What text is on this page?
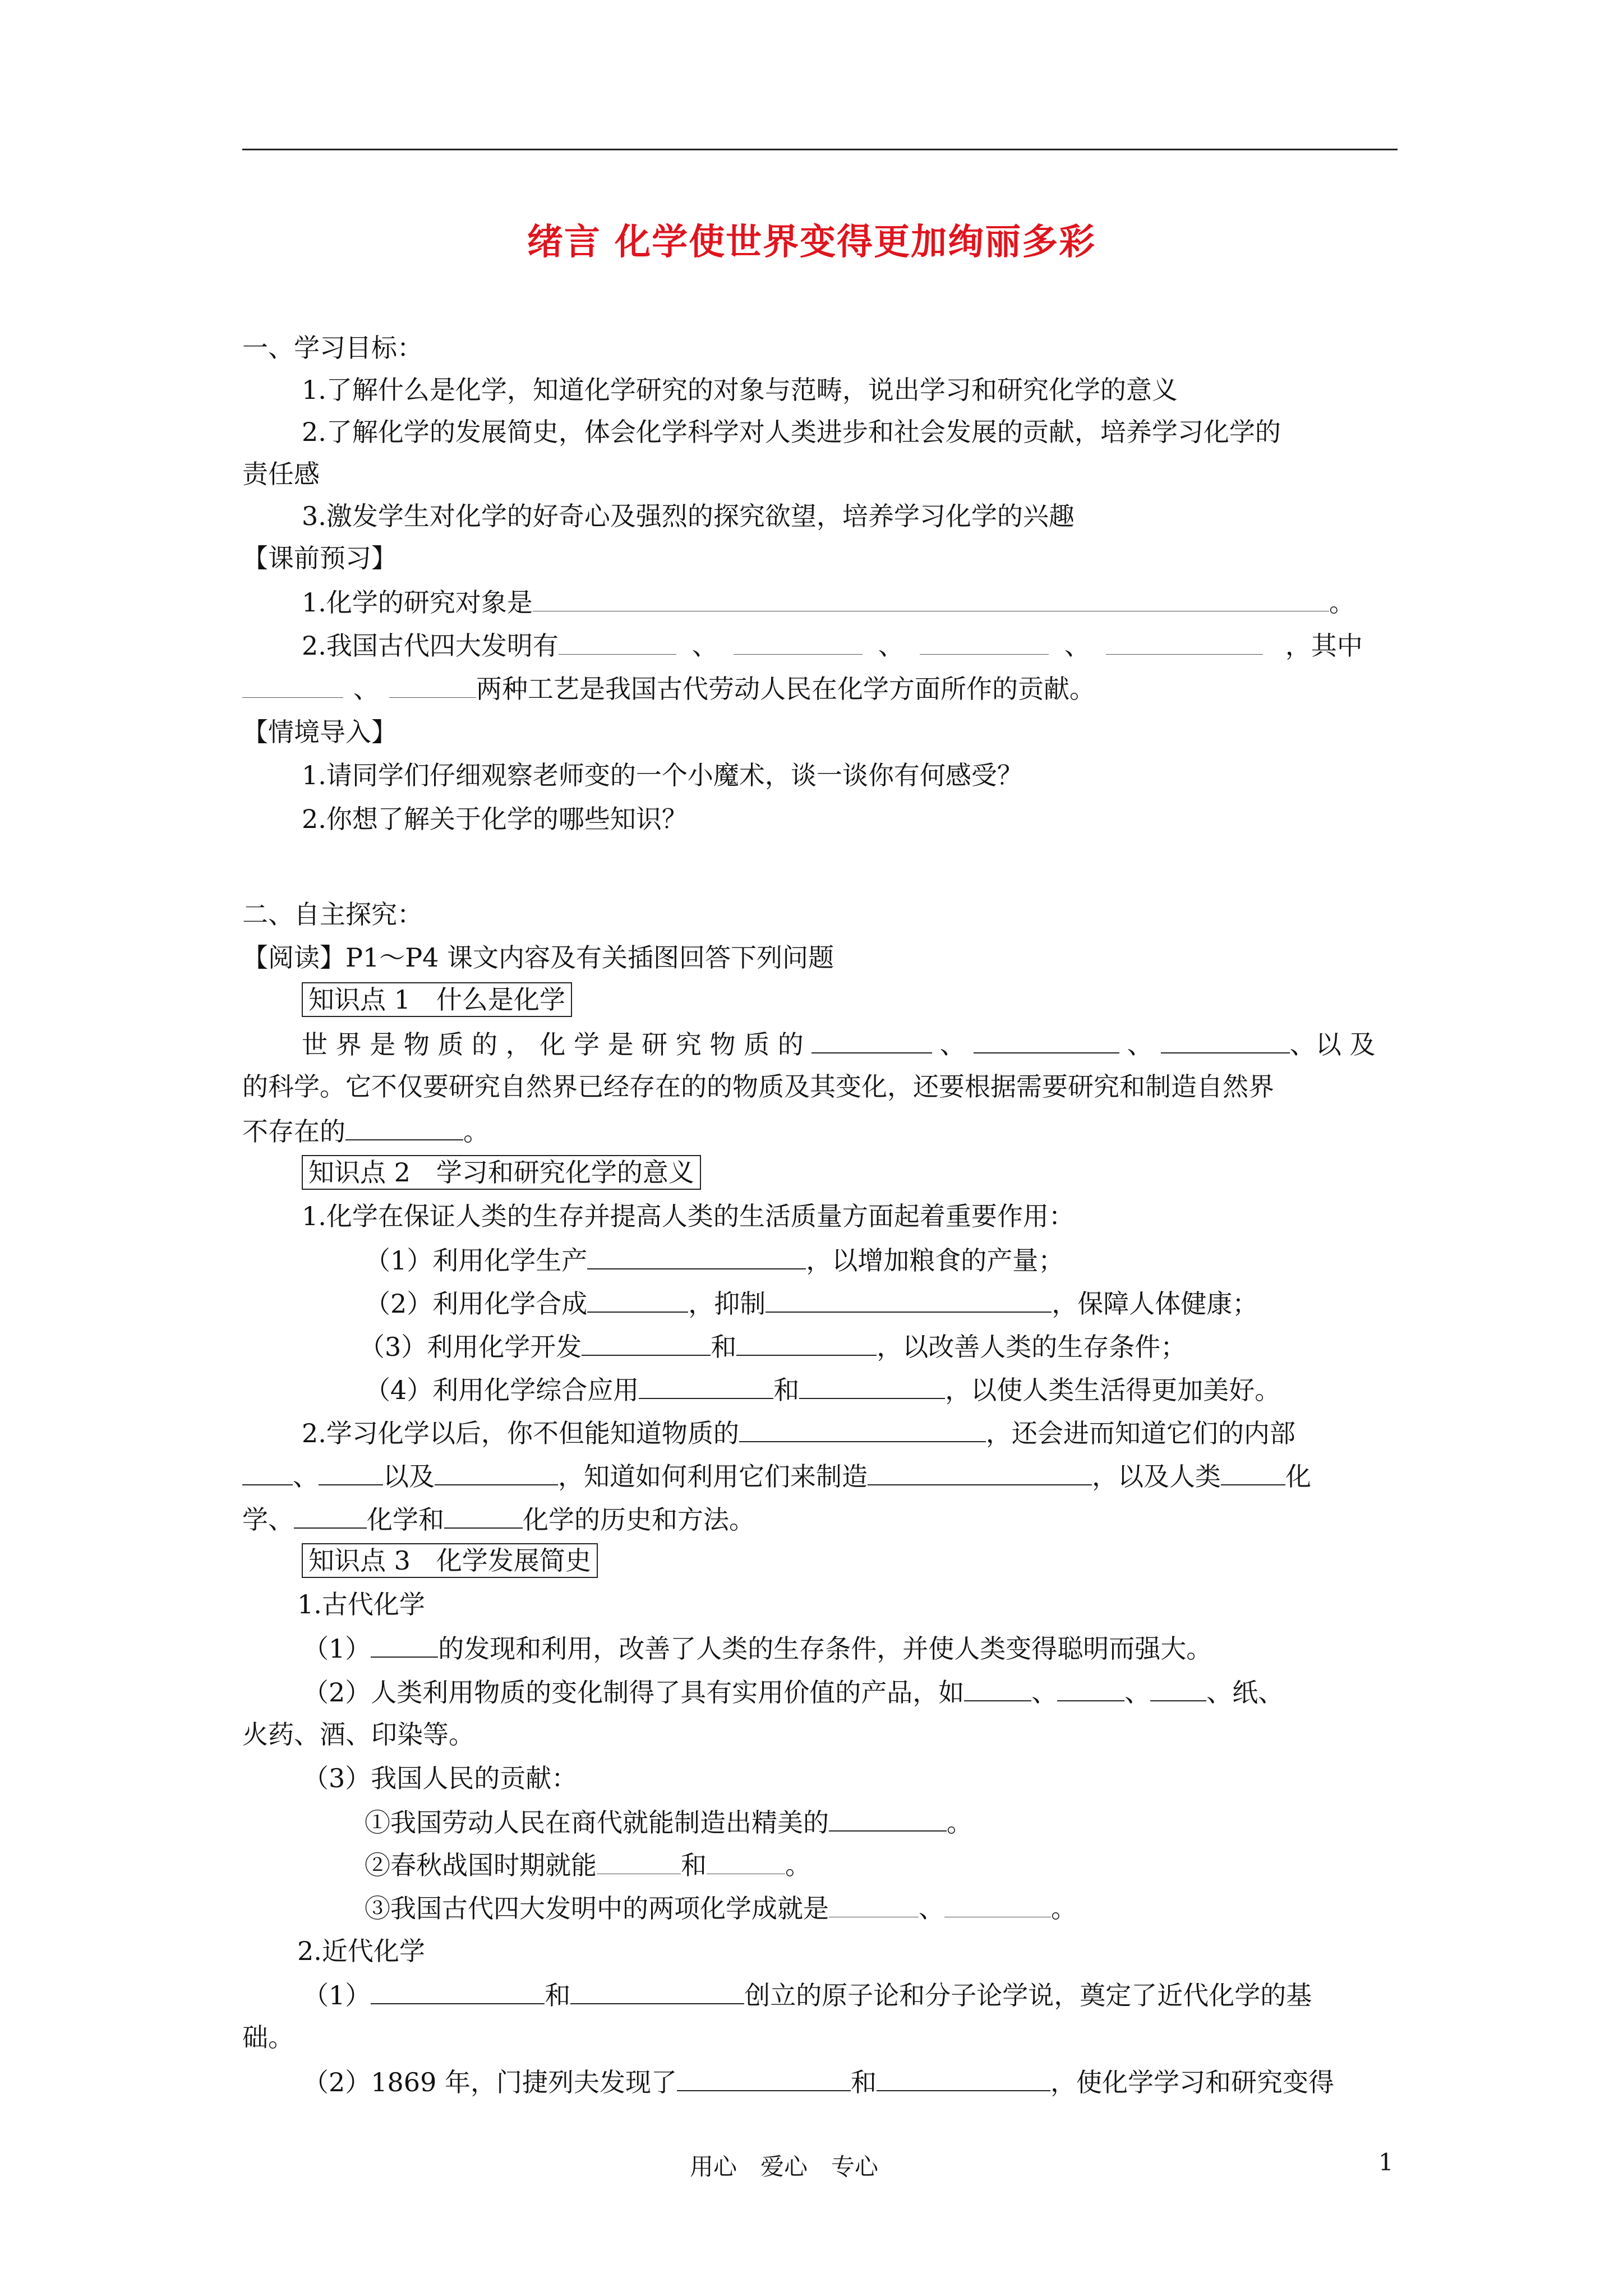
绪言 化学使世界变得更加绚丽多彩
一、学习目标：
1.了解什么是化学，知道化学研究的对象与范畴，说出学习和研究化学的意义
2.了解化学的发展简史，体会化学科学对人类进步和社会发展的贡献，培养学习化学的
责任感
3.激发学生对化学的好奇心及强烈的探究欲望，培养学习化学的兴趣
【课前预习】
1.化学的研究对象是	。
2.我国古代四大发明有	、	、	、	，其中
、	两种工艺是我国古代劳动人民在化学方面所作的贡献。
【情境导入】
1.请同学们仔细观察老师变的一个小魔术，谈一谈你有何感受？
2.你想了解关于化学的哪些知识？
二、自主探究：
【阅读】P1～P4 课文内容及有关插图回答下列问题
知识点 1　什么是化学
世 界 是 物 质 的 ， 化 学 是 研 究 物 质 的	、	、	、以 及
的科学。它不仅要研究自然界已经存在的的物质及其变化，还要根据需要研究和制造自然界
不存在的	。
知识点 2　学习和研究化学的意义
1.化学在保证人类的生存并提高人类的生活质量方面起着重要作用：
（1）利用化学生产	，以增加粮食的产量；
（2）利用化学合成	，抑制	，保障人体健康；
（3）利用化学开发	和	，以改善人类的生存条件；
（4）利用化学综合应用	和	，以使人类生活得更加美好。
2.学习化学以后，你不但能知道物质的	，还会进而知道它们的内部
、	以及	，知道如何利用它们来制造	，以及人类	化
学、	化学和	化学的历史和方法。
知识点 3　化学发展简史
1.古代化学
（1）	的发现和利用，改善了人类的生存条件，并使人类变得聪明而强大。
（2）人类利用物质的变化制得了具有实用价值的产品，如	、	、 、纸、
火药、酒、印染等。
（3）我国人民的贡献：
①我国劳动人民在商代就能制造出精美的	。
②春秋战国时期就能	和	。
③我国古代四大发明中的两项化学成就是	、	。
2.近代化学
（1）	和	创立的原子论和分子论学说，奠定了近代化学的基
础。
（2）1869 年，门捷列夫发现了	和	，使化学学习和研究变得
用心　爱心　专心	1
